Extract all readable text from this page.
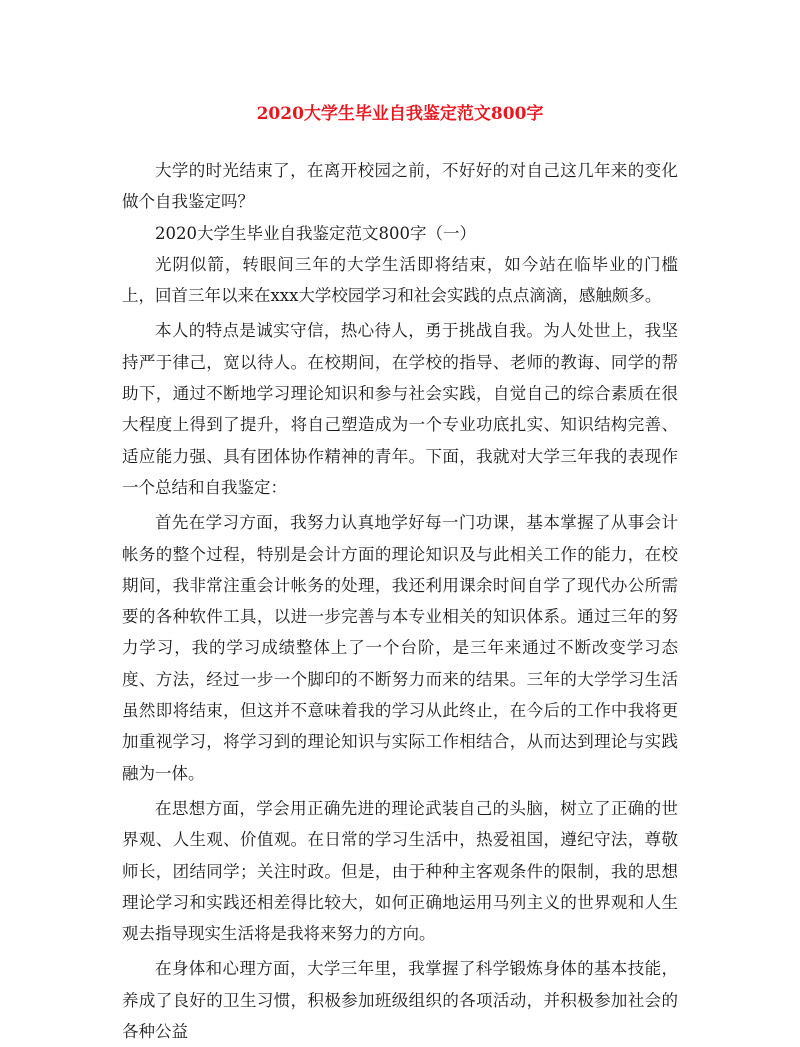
2020大学生毕业自我鉴定范文800字

大学的时光结束了，在离开校园之前，不好好的对自己这几年来的变化做个自我鉴定吗？

2020大学生毕业自我鉴定范文800字（一）

光阴似箭，转眼间三年的大学生活即将结束，如今站在临毕业的门槛上，回首三年以来在xxx大学校园学习和社会实践的点点滴滴，感触颇多。

本人的特点是诚实守信，热心待人，勇于挑战自我。为人处世上，我坚持严于律己，宽以待人。在校期间，在学校的指导、老师的教诲、同学的帮助下，通过不断地学习理论知识和参与社会实践，自觉自己的综合素质在很大程度上得到了提升，将自己塑造成为一个专业功底扎实、知识结构完善、适应能力强、具有团体协作精神的青年。下面，我就对大学三年我的表现作一个总结和自我鉴定：

首先在学习方面，我努力认真地学好每一门功课，基本掌握了从事会计帐务的整个过程，特别是会计方面的理论知识及与此相关工作的能力，在校期间，我非常注重会计帐务的处理，我还利用课余时间自学了现代办公所需要的各种软件工具，以进一步完善与本专业相关的知识体系。通过三年的努力学习，我的学习成绩整体上了一个台阶，是三年来通过不断改变学习态度、方法，经过一步一个脚印的不断努力而来的结果。三年的大学学习生活虽然即将结束，但这并不意味着我的学习从此终止，在今后的工作中我将更加重视学习，将学习到的理论知识与实际工作相结合，从而达到理论与实践融为一体。

在思想方面，学会用正确先进的理论武装自己的头脑，树立了正确的世界观、人生观、价值观。在日常的学习生活中，热爱祖国，遵纪守法，尊敬师长，团结同学；关注时政。但是，由于种种主客观条件的限制，我的思想理论学习和实践还相差得比较大，如何正确地运用马列主义的世界观和人生观去指导现实生活将是我将来努力的方向。

在身体和心理方面，大学三年里，我掌握了科学锻炼身体的基本技能，养成了良好的卫生习惯，积极参加班级组织的各项活动，并积极参加社会的各种公益
